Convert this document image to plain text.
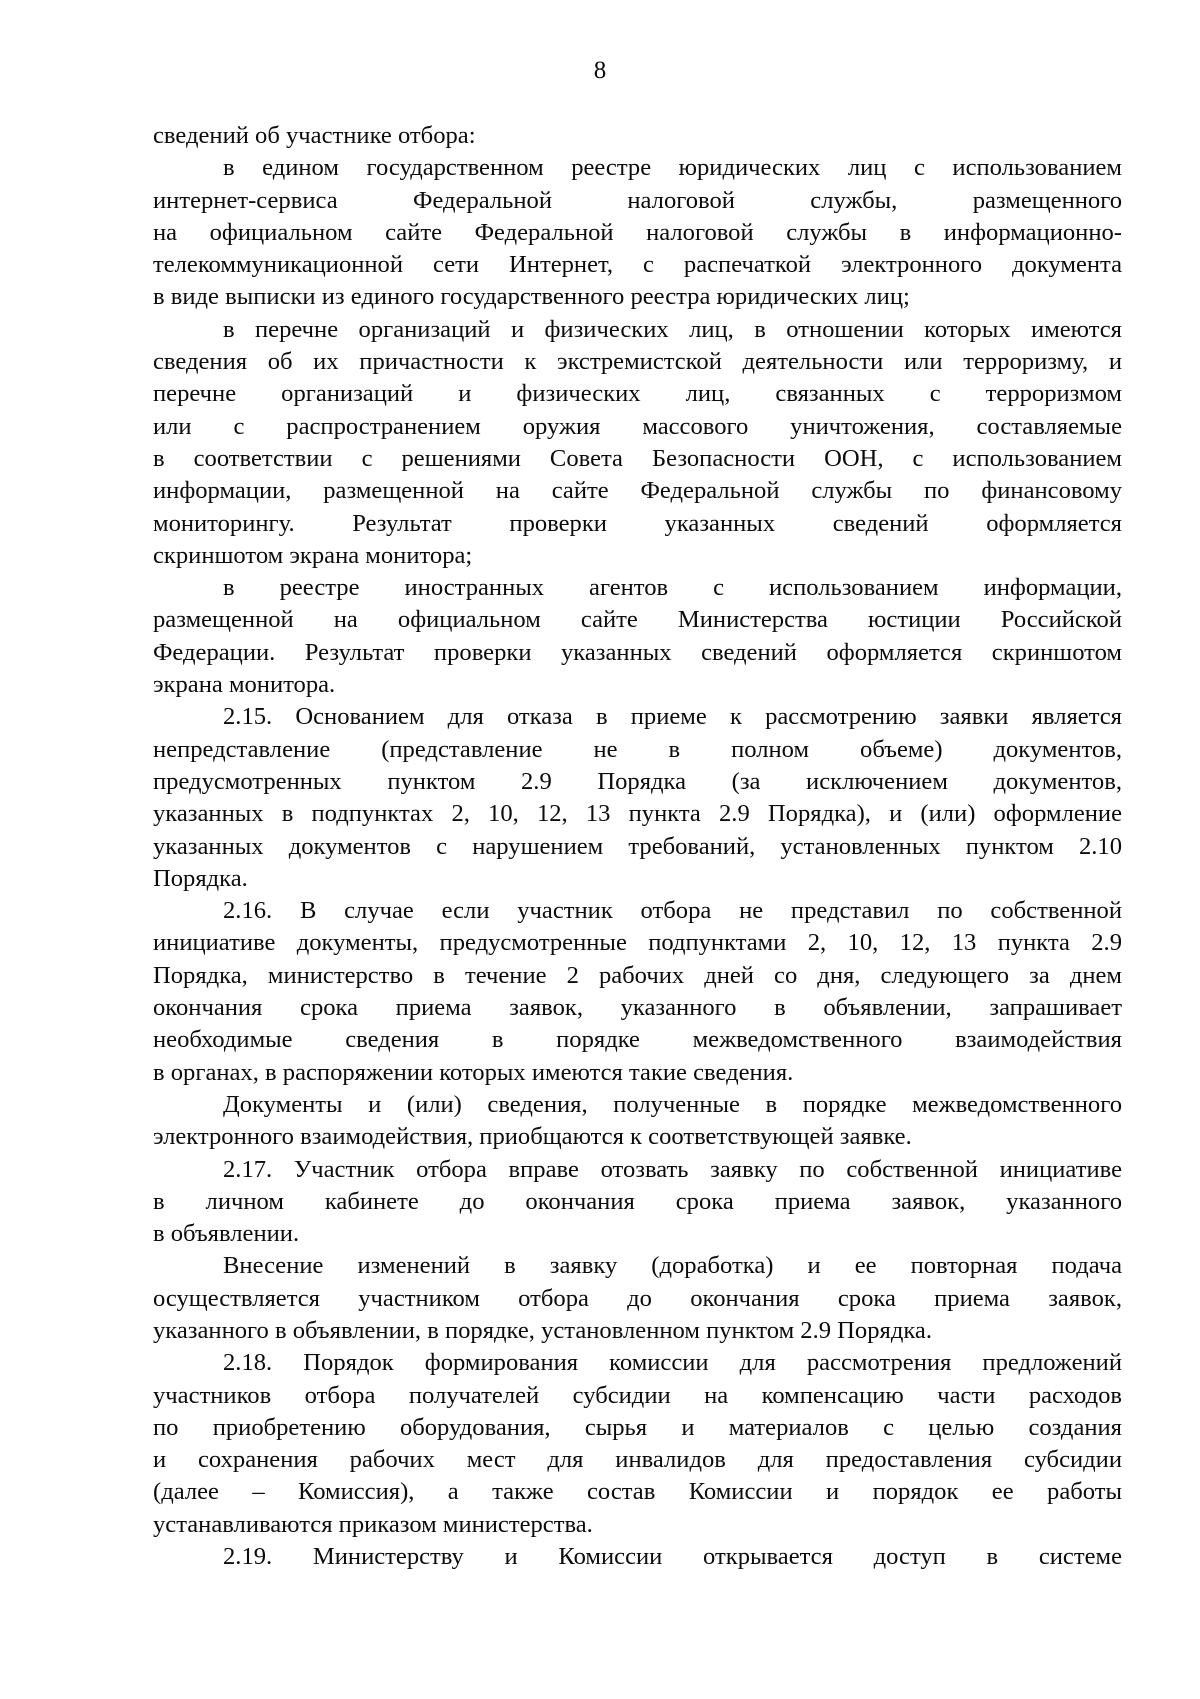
8
сведений об участнике отбора:
в едином государственном реестре юридических лиц с использованием
интернет-сервиса Федеральной налоговой службы, размещенного
на официальном сайте Федеральной налоговой службы в информационно-
телекоммуникационной сети Интернет, с распечаткой электронного документа
в виде выписки из единого государственного реестра юридических лиц;
в перечне организаций и физических лиц, в отношении которых имеются
сведения об их причастности к экстремистской деятельности или терроризму, и
перечне организаций и физических лиц, связанных с терроризмом
или с распространением оружия массового уничтожения, составляемые
в соответствии с решениями Совета Безопасности ООН, с использованием
информации, размещенной на сайте Федеральной службы по финансовому
мониторингу. Результат проверки указанных сведений оформляется
скриншотом экрана монитора;
в реестре иностранных агентов с использованием информации,
размещенной на официальном сайте Министерства юстиции Российской
Федерации. Результат проверки указанных сведений оформляется скриншотом
экрана монитора.
2.15. Основанием для отказа в приеме к рассмотрению заявки является
непредставление (представление не в полном объеме) документов,
предусмотренных пунктом 2.9 Порядка (за исключением документов,
указанных в подпунктах 2, 10, 12, 13 пункта 2.9 Порядка), и (или) оформление
указанных документов с нарушением требований, установленных пунктом 2.10
Порядка.
2.16. В случае если участник отбора не представил по собственной
инициативе документы, предусмотренные подпунктами 2, 10, 12, 13 пункта 2.9
Порядка, министерство в течение 2 рабочих дней со дня, следующего за днем
окончания срока приема заявок, указанного в объявлении, запрашивает
необходимые сведения в порядке межведомственного взаимодействия
в органах, в распоряжении которых имеются такие сведения.
Документы и (или) сведения, полученные в порядке межведомственного
электронного взаимодействия, приобщаются к соответствующей заявке.
2.17. Участник отбора вправе отозвать заявку по собственной инициативе
в личном кабинете до окончания срока приема заявок, указанного
в объявлении.
Внесение изменений в заявку (доработка) и ее повторная подача
осуществляется участником отбора до окончания срока приема заявок,
указанного в объявлении, в порядке, установленном пунктом 2.9 Порядка.
2.18. Порядок формирования комиссии для рассмотрения предложений
участников отбора получателей субсидии на компенсацию части расходов
по приобретению оборудования, сырья и материалов с целью создания
и сохранения рабочих мест для инвалидов для предоставления субсидии
(далее – Комиссия), а также состав Комиссии и порядок ее работы
устанавливаются приказом министерства.
2.19. Министерству и Комиссии открывается доступ в системе
